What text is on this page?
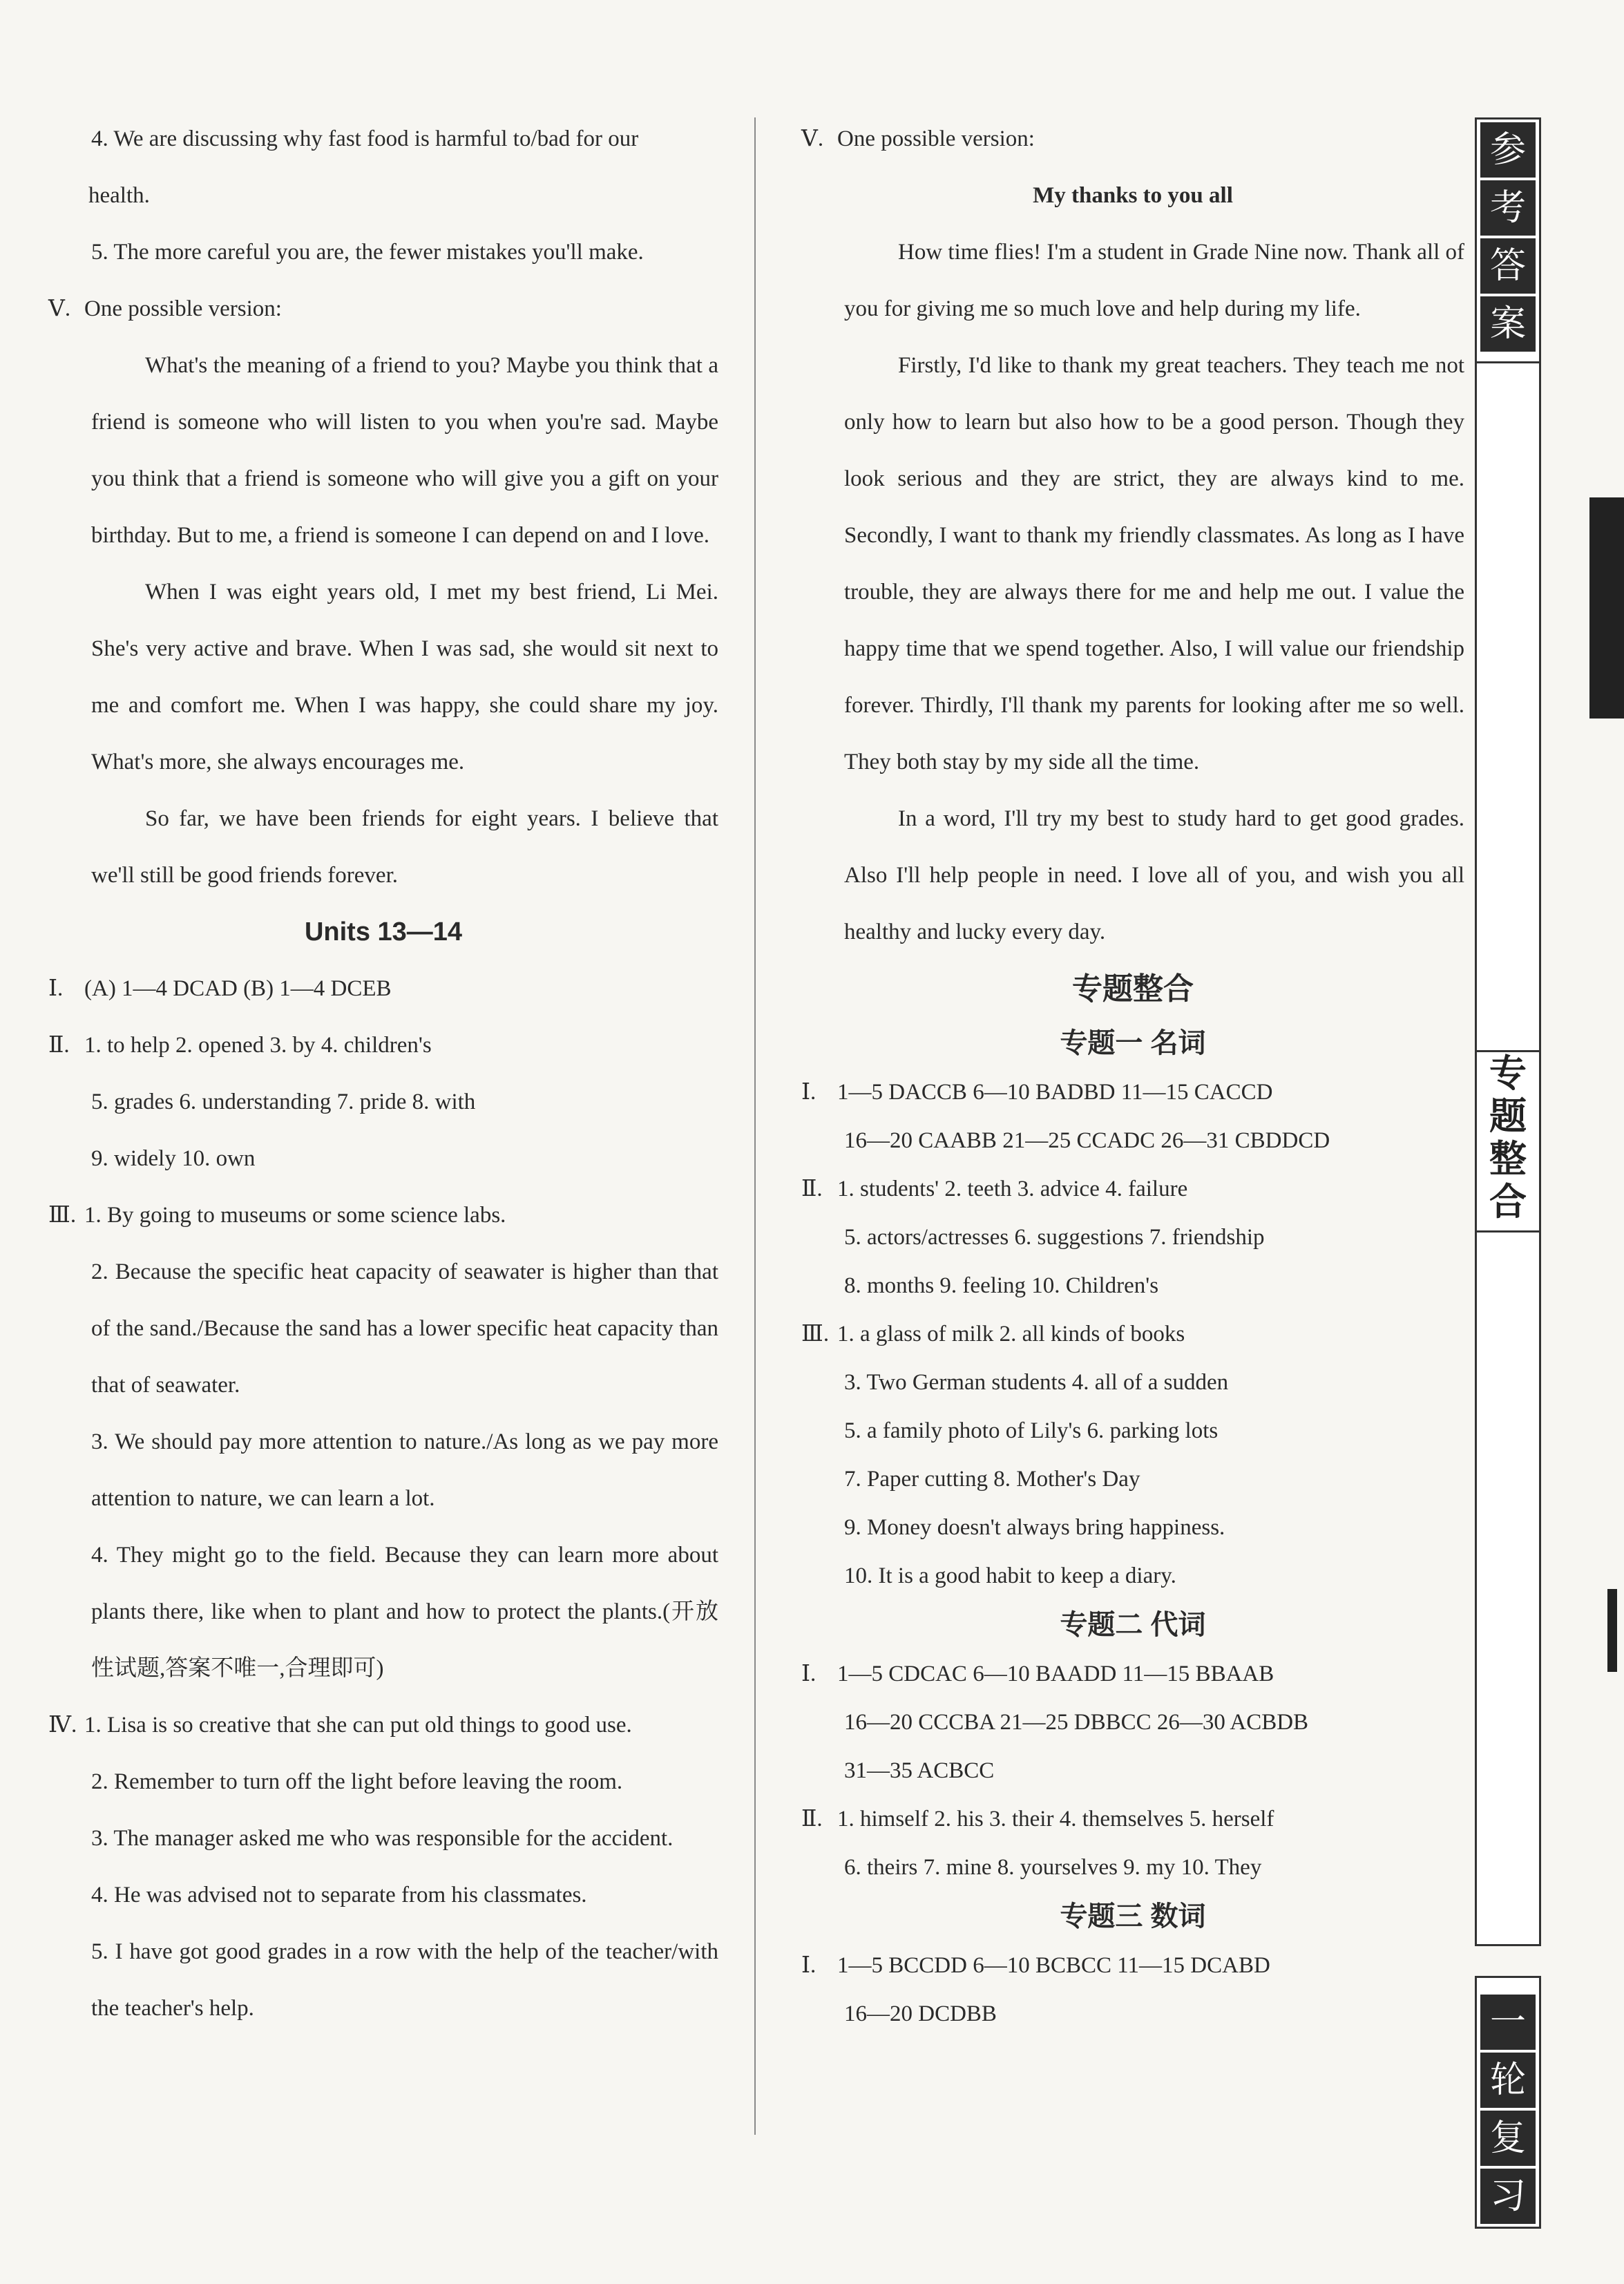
4. We are discussing why fast food is harmful to/bad for our

health.

5. The more careful you are, the fewer mistakes you'll make.

Ⅴ. One possible version:

What's the meaning of a friend to you? Maybe you think that a friend is someone who will listen to you when you're sad. Maybe you think that a friend is someone who will give you a gift on your birthday. But to me, a friend is someone I can depend on and I love.

When I was eight years old, I met my best friend, Li Mei. She's very active and brave. When I was sad, she would sit next to me and comfort me. When I was happy, she could share my joy. What's more, she always encourages me.

So far, we have been friends for eight years. I believe that we'll still be good friends forever.

Units 13—14

Ⅰ. (A) 1—4 DCAD (B) 1—4 DCEB

Ⅱ. 1. to help 2. opened 3. by 4. children's

5. grades 6. understanding 7. pride 8. with

9. widely 10. own

Ⅲ. 1. By going to museums or some science labs.

2. Because the specific heat capacity of seawater is higher than that of the sand./Because the sand has a lower specific heat capacity than that of seawater.

3. We should pay more attention to nature./As long as we pay more attention to nature, we can learn a lot.

4. They might go to the field. Because they can learn more about plants there, like when to plant and how to protect the plants.(开放性试题,答案不唯一,合理即可)

Ⅳ. 1. Lisa is so creative that she can put old things to good use.

2. Remember to turn off the light before leaving the room.

3. The manager asked me who was responsible for the accident.

4. He was advised not to separate from his classmates.

5. I have got good grades in a row with the help of the teacher/with the teacher's help.

Ⅴ. One possible version:

My thanks to you all

How time flies! I'm a student in Grade Nine now. Thank all of you for giving me so much love and help during my life.

Firstly, I'd like to thank my great teachers. They teach me not only how to learn but also how to be a good person. Though they look serious and they are strict, they are always kind to me. Secondly, I want to thank my friendly classmates. As long as I have trouble, they are always there for me and help me out. I value the happy time that we spend together. Also, I will value our friendship forever. Thirdly, I'll thank my parents for looking after me so well. They both stay by my side all the time.

In a word, I'll try my best to study hard to get good grades. Also I'll help people in need. I love all of you, and wish you all healthy and lucky every day.

专题整合

专题一 名词

Ⅰ. 1—5 DACCB 6—10 BADBD 11—15 CACCD

16—20 CAABB 21—25 CCADC 26—31 CBDDCD

Ⅱ. 1. students' 2. teeth 3. advice 4. failure

5. actors/actresses 6. suggestions 7. friendship

8. months 9. feeling 10. Children's

Ⅲ. 1. a glass of milk 2. all kinds of books

3. Two German students 4. all of a sudden

5. a family photo of Lily's 6. parking lots

7. Paper cutting 8. Mother's Day

9. Money doesn't always bring happiness.

10. It is a good habit to keep a diary.

专题二 代词

Ⅰ. 1—5 CDCAC 6—10 BAADD 11—15 BBAAB

16—20 CCCBA 21—25 DBBCC 26—30 ACBDB

31—35 ACBCC

Ⅱ. 1. himself 2. his 3. their 4. themselves 5. herself

6. theirs 7. mine 8. yourselves 9. my 10. They

专题三 数词

Ⅰ. 1—5 BCCDD 6—10 BCBCC 11—15 DCABD

16—20 DCDBB

参
考
答
案
专
题
整
合
一
轮
复
习
